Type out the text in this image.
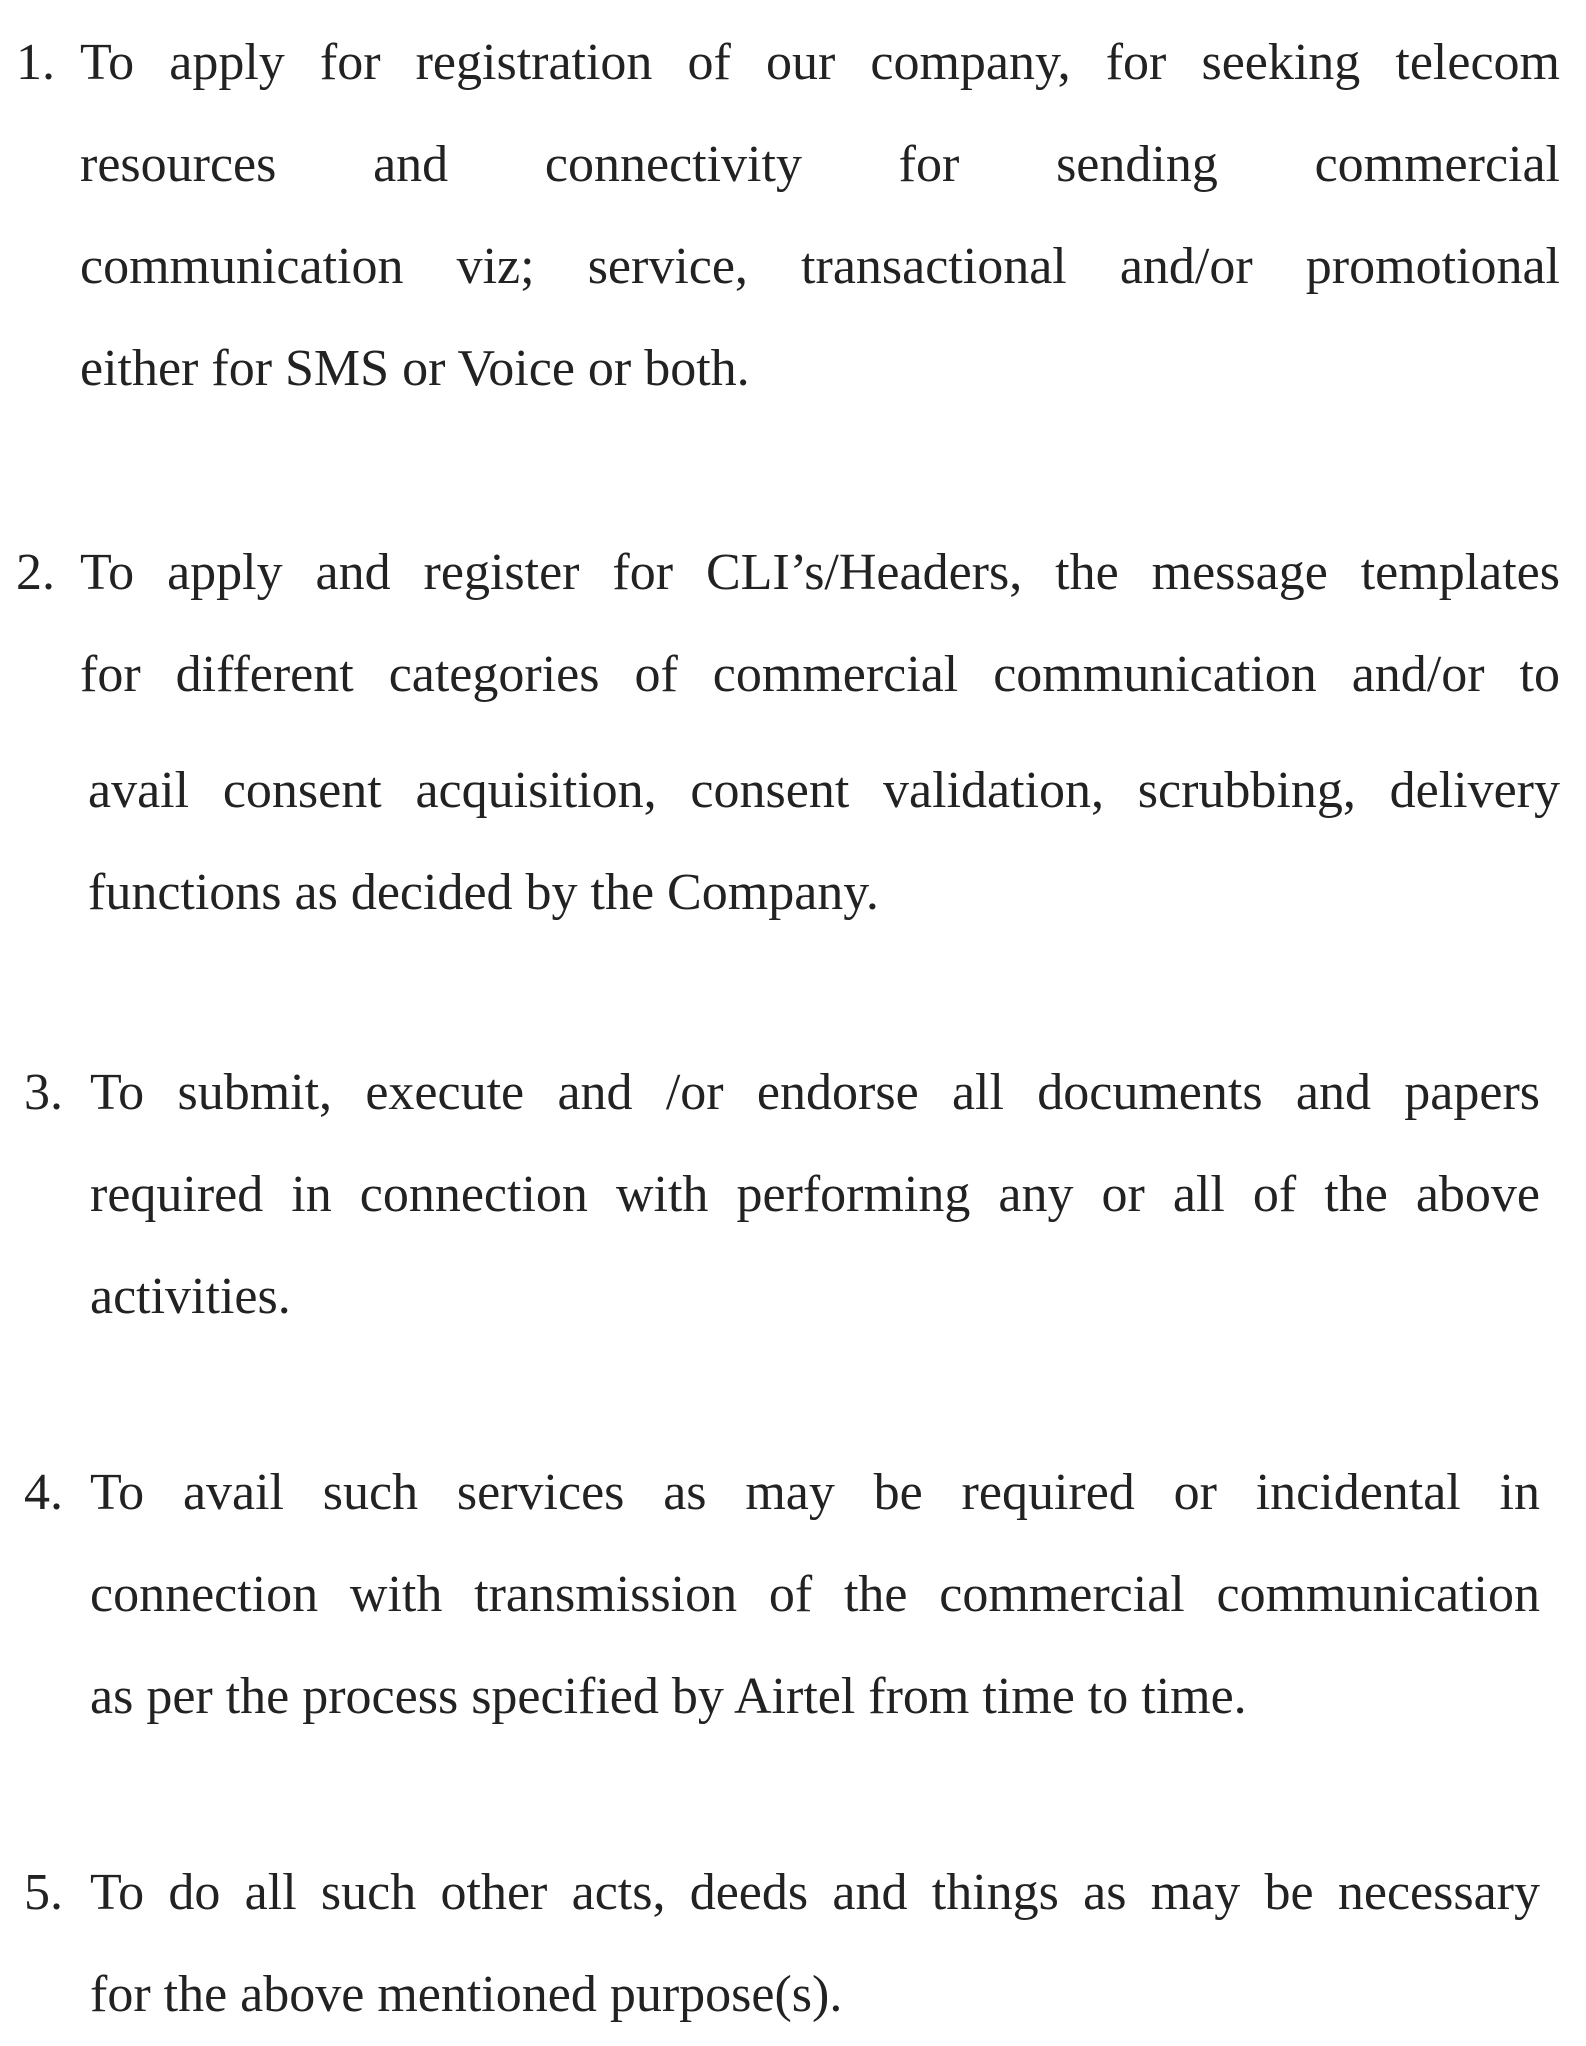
1. To apply for registration of our company, for seeking telecom
resources and connectivity for sending commercial
communication viz; service, transactional and/or promotional
either for SMS or Voice or both.
2. To apply and register for CLI’s/Headers, the message templates
for different categories of commercial communication and/or to
avail consent acquisition, consent validation, scrubbing, delivery
functions as decided by the Company.
3. To submit, execute and /or endorse all documents and papers
required in connection with performing any or all of the above
activities.
4. To avail such services as may be required or incidental in
connection with transmission of the commercial communication
as per the process specified by Airtel from time to time.
5. To do all such other acts, deeds and things as may be necessary
for the above mentioned purpose(s).
